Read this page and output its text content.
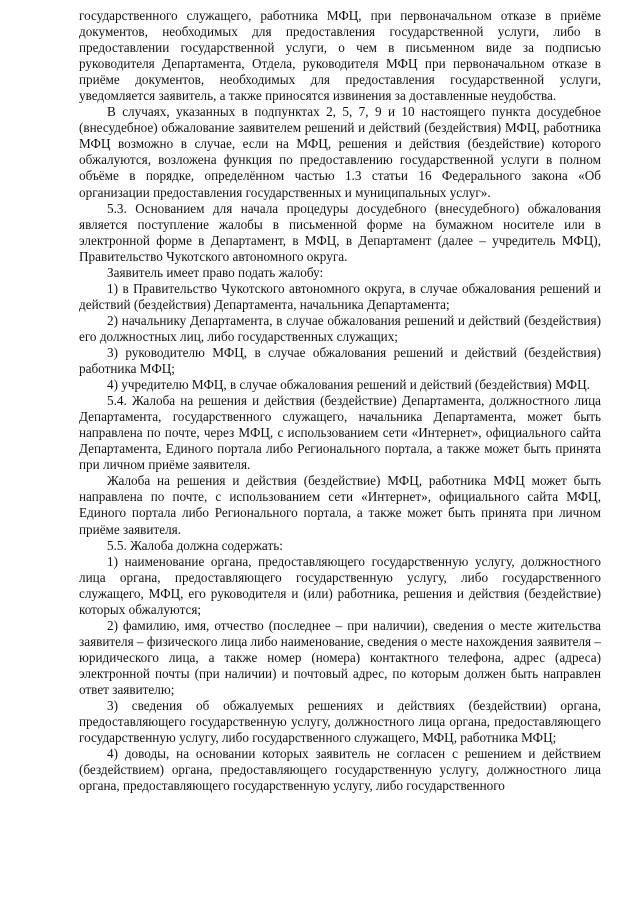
государственного служащего, работника МФЦ, при первоначальном отказе в приёме документов, необходимых для предоставления государственной услуги, либо в предоставлении государственной услуги, о чем в письменном виде за подписью руководителя Департамента, Отдела, руководителя МФЦ при первоначальном отказе в приёме документов, необходимых для предоставления государственной услуги, уведомляется заявитель, а также приносятся извинения за доставленные неудобства.

В случаях, указанных в подпунктах 2, 5, 7, 9 и 10 настоящего пункта досудебное (внесудебное) обжалование заявителем решений и действий (бездействия) МФЦ, работника МФЦ возможно в случае, если на МФЦ, решения и действия (бездействие) которого обжалуются, возложена функция по предоставлению государственной услуги в полном объёме в порядке, определённом частью 1.3 статьи 16 Федерального закона «Об организации предоставления государственных и муниципальных услуг».

5.3. Основанием для начала процедуры досудебного (внесудебного) обжалования является поступление жалобы в письменной форме на бумажном носителе или в электронной форме в Департамент, в МФЦ, в Департамент (далее – учредитель МФЦ), Правительство Чукотского автономного округа.

Заявитель имеет право подать жалобу:

1) в Правительство Чукотского автономного округа, в случае обжалования решений и действий (бездействия) Департамента, начальника Департамента;

2) начальнику Департамента, в случае обжалования решений и действий (бездействия) его должностных лиц, либо государственных служащих;

3) руководителю МФЦ, в случае обжалования решений и действий (бездействия) работника МФЦ;

4) учредителю МФЦ, в случае обжалования решений и действий (бездействия) МФЦ.

5.4. Жалоба на решения и действия (бездействие) Департамента, должностного лица Департамента, государственного служащего, начальника Департамента, может быть направлена по почте, через МФЦ, с использованием сети «Интернет», официального сайта Департамента, Единого портала либо Регионального портала, а также может быть принята при личном приёме заявителя.

Жалоба на решения и действия (бездействие) МФЦ, работника МФЦ может быть направлена по почте, с использованием сети «Интернет», официального сайта МФЦ, Единого портала либо Регионального портала, а также может быть принята при личном приёме заявителя.

5.5. Жалоба должна содержать:

1) наименование органа, предоставляющего государственную услугу, должностного лица органа, предоставляющего государственную услугу, либо государственного служащего, МФЦ, его руководителя и (или) работника, решения и действия (бездействие) которых обжалуются;

2) фамилию, имя, отчество (последнее – при наличии), сведения о месте жительства заявителя – физического лица либо наименование, сведения о месте нахождения заявителя – юридического лица, а также номер (номера) контактного телефона, адрес (адреса) электронной почты (при наличии) и почтовый адрес, по которым должен быть направлен ответ заявителю;

3) сведения об обжалуемых решениях и действиях (бездействии) органа, предоставляющего государственную услугу, должностного лица органа, предоставляющего государственную услугу, либо государственного служащего, МФЦ, работника МФЦ;

4) доводы, на основании которых заявитель не согласен с решением и действием (бездействием) органа, предоставляющего государственную услугу, должностного лица органа, предоставляющего государственную услугу, либо государственного
